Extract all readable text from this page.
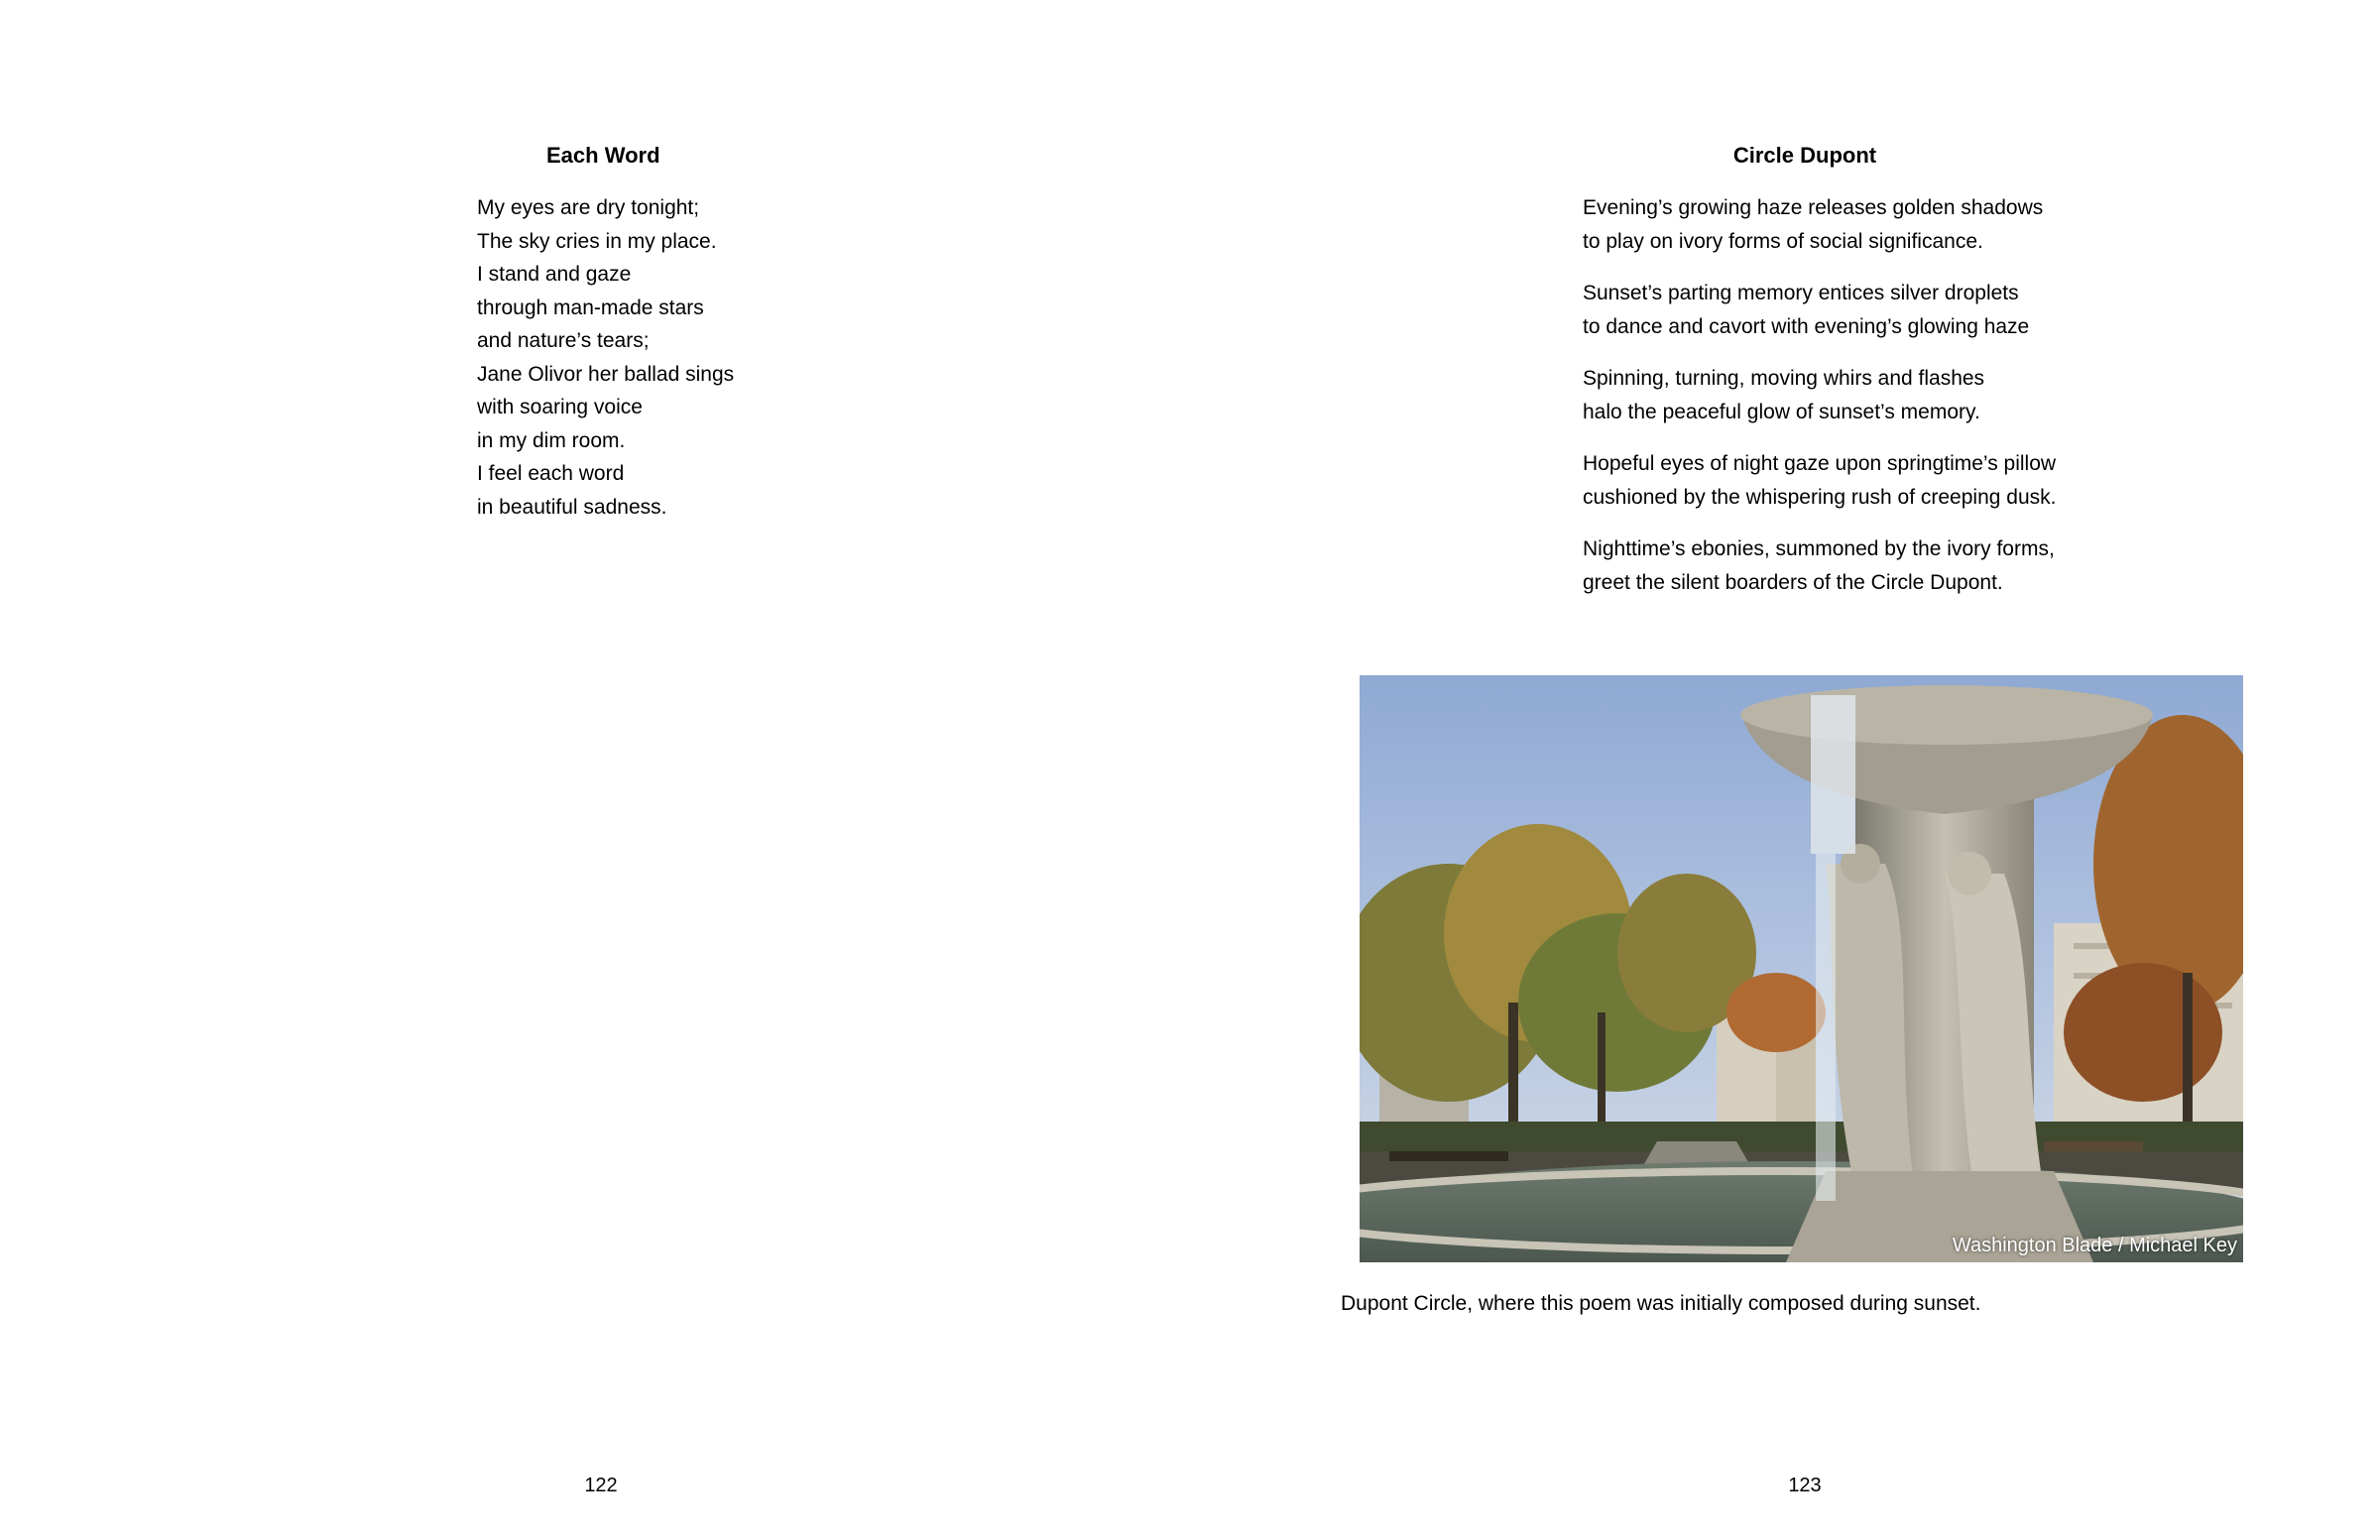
Each Word
My eyes are dry tonight;
The sky cries in my place.
I stand and gaze
through man-made stars
and nature’s tears;
Jane Olivor her ballad sings
with soaring voice
in my dim room.
I feel each word
in beautiful sadness.
122
Circle Dupont
Evening’s growing haze releases golden shadows
to play on ivory forms of social significance.
Sunset’s parting memory entices silver droplets
to dance and cavort with evening’s glowing haze
Spinning, turning, moving whirs and flashes
halo the peaceful glow of sunset’s memory.
Hopeful eyes of night gaze upon springtime’s pillow
cushioned by the whispering rush of creeping dusk.
Nighttime’s ebonies, summoned by the ivory forms,
greet the silent boarders of the Circle Dupont.
Washington Blade / Michael Key
Dupont Circle, where this poem was initially composed during sunset.
123
